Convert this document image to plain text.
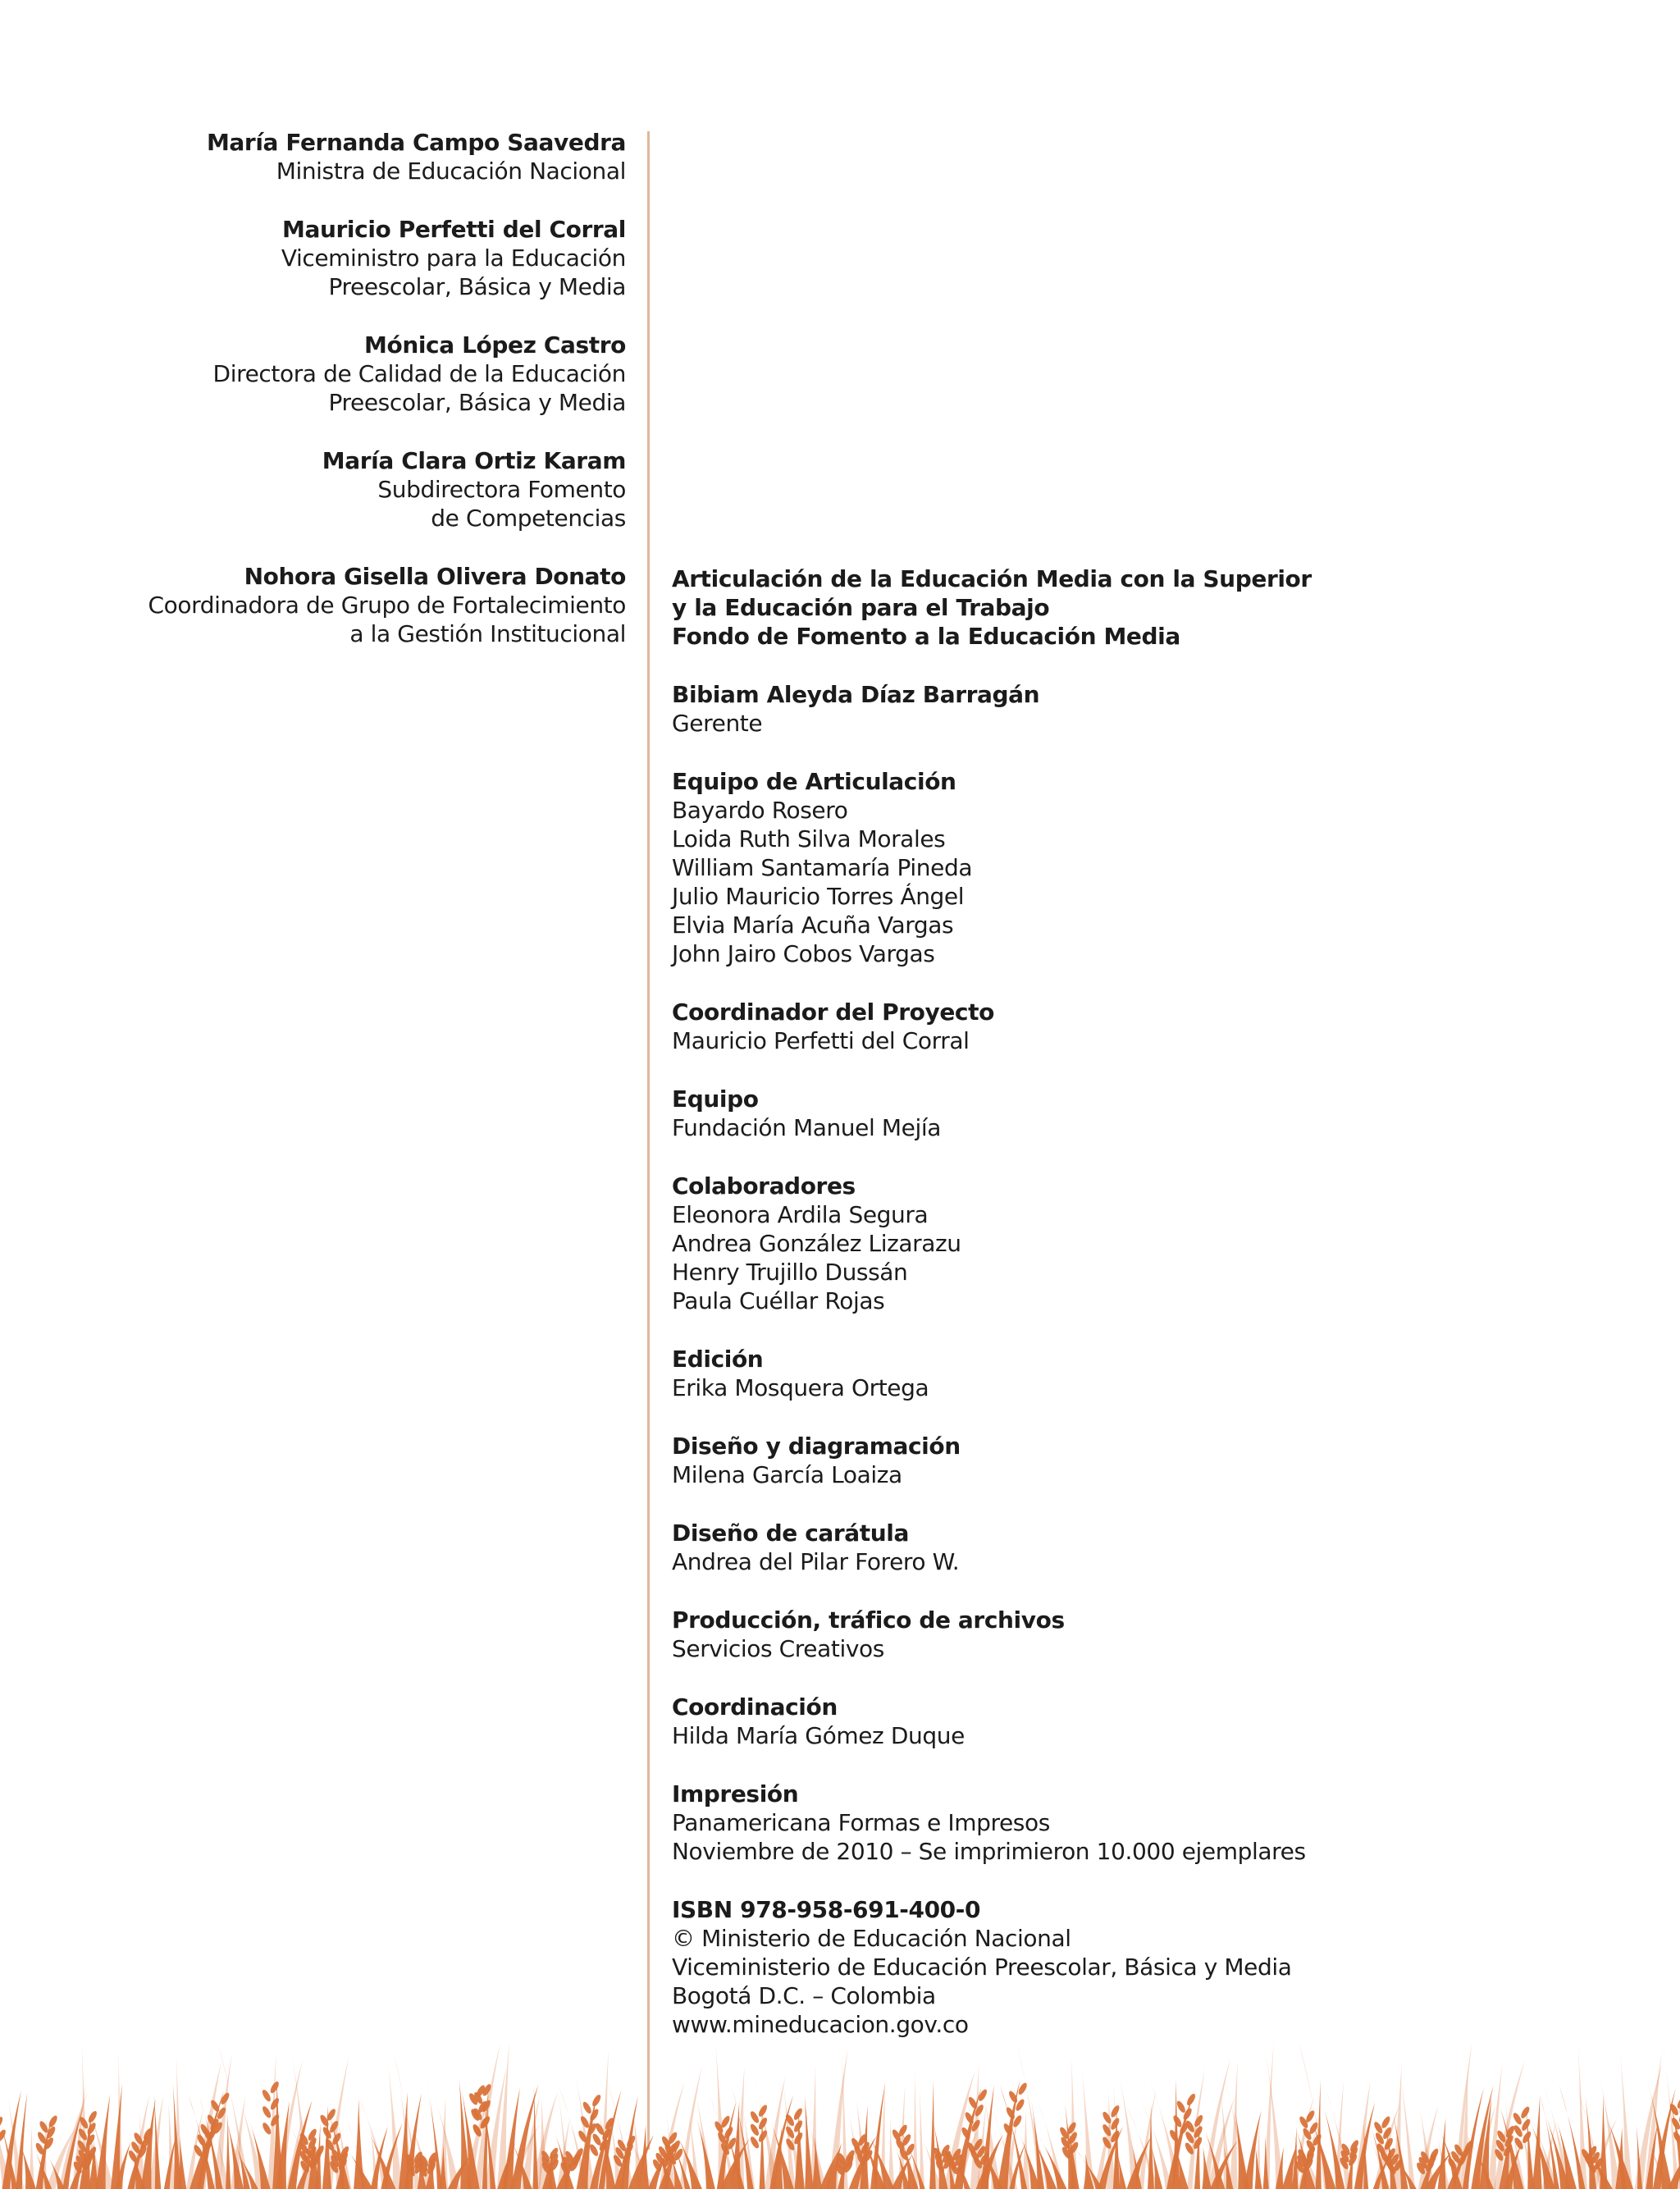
María Fernanda Campo Saavedra
Ministra de Educación Nacional
Mauricio Perfetti del Corral
Viceministro para la Educación
Preescolar, Básica y Media
Mónica López Castro
Directora de Calidad de la Educación
Preescolar, Básica y Media
María Clara Ortiz Karam
Subdirectora Fomento
de Competencias
Nohora Gisella Olivera Donato
Coordinadora de Grupo de Fortalecimiento
a la Gestión Institucional
Articulación de la Educación Media con la Superior
y la Educación para el Trabajo
Fondo de Fomento a la Educación Media
Bibiam Aleyda Díaz Barragán
Gerente
Equipo de Articulación
Bayardo Rosero
Loida Ruth Silva Morales
William Santamaría Pineda
Julio Mauricio Torres Ángel
Elvia María Acuña Vargas
John Jairo Cobos Vargas
Coordinador del Proyecto
Mauricio Perfetti del Corral
Equipo
Fundación Manuel Mejía
Colaboradores
Eleonora Ardila Segura
Andrea González Lizarazu
Henry Trujillo Dussán
Paula Cuéllar Rojas
Edición
Erika Mosquera Ortega
Diseño y diagramación
Milena García Loaiza
Diseño de carátula
Andrea del Pilar Forero W.
Producción, tráfico de archivos
Servicios Creativos
Coordinación
Hilda María Gómez Duque
Impresión
Panamericana Formas e Impresos
Noviembre de 2010 – Se imprimieron 10.000 ejemplares
ISBN 978-958-691-400-0
© Ministerio de Educación Nacional
Viceministerio de Educación Preescolar, Básica y Media
Bogotá D.C. – Colombia
www.mineducacion.gov.co
